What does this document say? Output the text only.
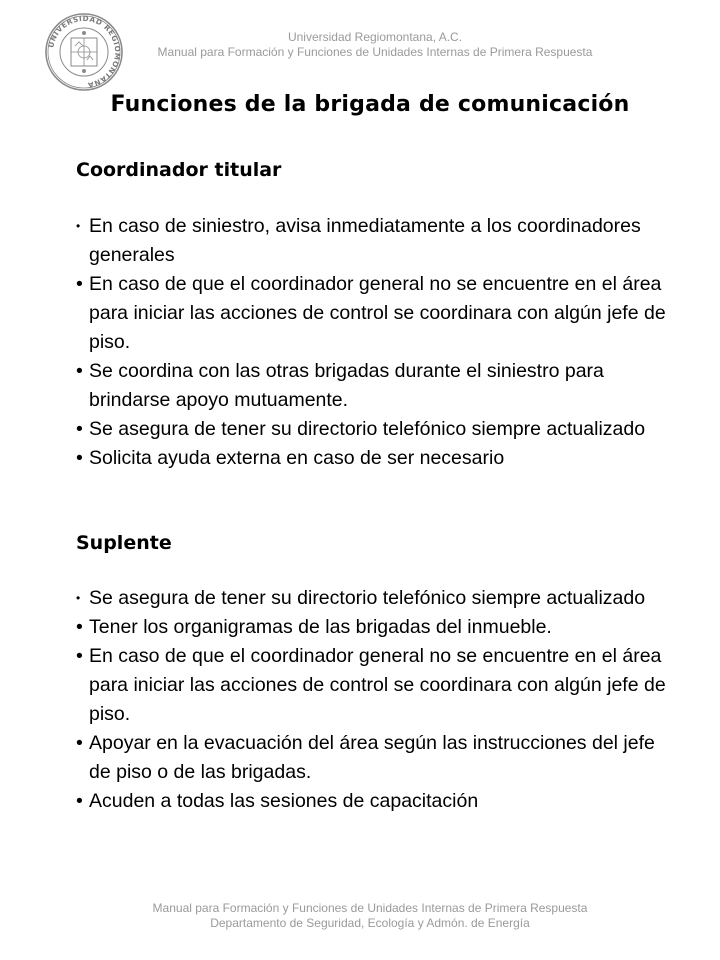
UNIVERSIDAD REGIOMONTANA
Universidad Regiomontana, A.C.
Manual para Formación y Funciones de Unidades Internas de Primera Respuesta
Funciones de la brigada de comunicación
Coordinador titular
• En caso de siniestro, avisa inmediatamente a los coordinadores generales
• En caso de que el coordinador general no se encuentre en el área para iniciar las acciones de control se coordinara con algún jefe de piso.
• Se coordina con las otras brigadas durante el siniestro para brindarse apoyo mutuamente.
• Se asegura de tener su directorio telefónico siempre actualizado
• Solicita ayuda externa en caso de ser necesario
Suplente
• Se asegura de tener su directorio telefónico siempre actualizado
• Tener los organigramas de las brigadas del inmueble.
• En caso de que el coordinador general no se encuentre en el área para iniciar las acciones de control se coordinara con algún jefe de piso.
• Apoyar en la evacuación del área según las instrucciones del jefe de piso o de las brigadas.
• Acuden a todas las sesiones de capacitación
Manual para Formación y Funciones de Unidades Internas de Primera Respuesta
Departamento de Seguridad, Ecología y Admón. de Energía
